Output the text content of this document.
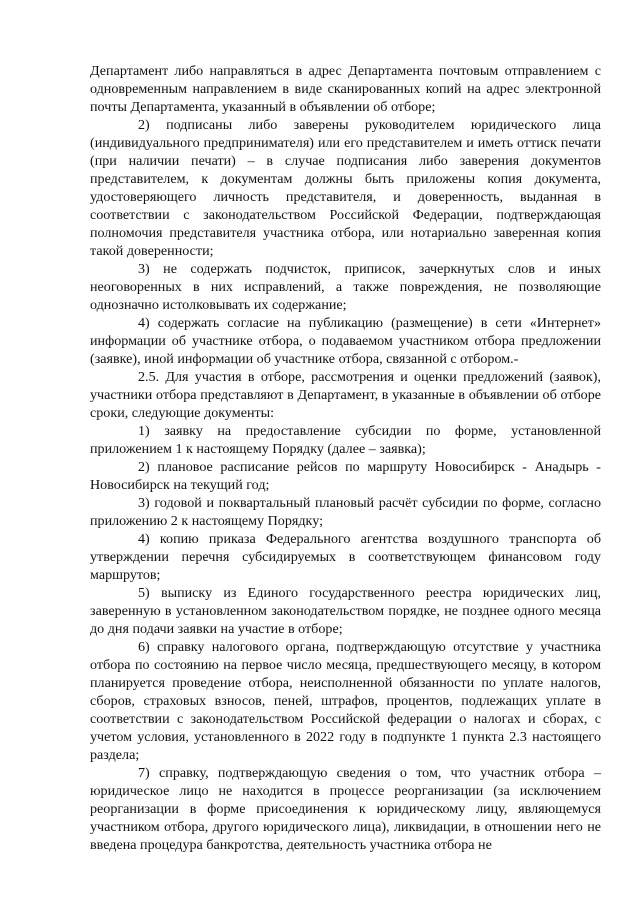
Департамент либо направляться в адрес Департамента почтовым отправлением с одновременным направлением в виде сканированных копий на адрес электронной почты Департамента, указанный в объявлении об отборе;

2) подписаны либо заверены руководителем юридического лица (индивидуального предпринимателя) или его представителем и иметь оттиск печати (при наличии печати) – в случае подписания либо заверения документов представителем, к документам должны быть приложены копия документа, удостоверяющего личность представителя, и доверенность, выданная в соответствии с законодательством Российской Федерации, подтверждающая полномочия представителя участника отбора, или нотариально заверенная копия такой доверенности;

3) не содержать подчисток, приписок, зачеркнутых слов и иных неоговоренных в них исправлений, а также повреждения, не позволяющие однозначно истолковывать их содержание;

4) содержать согласие на публикацию (размещение) в сети «Интернет» информации об участнике отбора, о подаваемом участником отбора предложении (заявке), иной информации об участнике отбора, связанной с отбором.-

2.5. Для участия в отборе, рассмотрения и оценки предложений (заявок), участники отбора представляют в Департамент, в указанные в объявлении об отборе сроки, следующие документы:

1) заявку на предоставление субсидии по форме, установленной приложением 1 к настоящему Порядку (далее – заявка);

2) плановое расписание рейсов по маршруту Новосибирск - Анадырь - Новосибирск на текущий год;

3) годовой и поквартальный плановый расчёт субсидии по форме, согласно приложению 2 к настоящему Порядку;

4) копию приказа Федерального агентства воздушного транспорта об утверждении перечня субсидируемых в соответствующем финансовом году маршрутов;

5) выписку из Единого государственного реестра юридических лиц, заверенную в установленном законодательством порядке, не позднее одного месяца до дня подачи заявки на участие в отборе;

6) справку налогового органа, подтверждающую отсутствие у участника отбора по состоянию на первое число месяца, предшествующего месяцу, в котором планируется проведение отбора, неисполненной обязанности по уплате налогов, сборов, страховых взносов, пеней, штрафов, процентов, подлежащих уплате в соответствии с законодательством Российской федерации о налогах и сборах, с учетом условия, установленного в 2022 году в подпункте 1 пункта 2.3 настоящего раздела;

7) справку, подтверждающую сведения о том, что участник отбора – юридическое лицо не находится в процессе реорганизации (за исключением реорганизации в форме присоединения к юридическому лицу, являющемуся участником отбора, другого юридического лица), ликвидации, в отношении него не введена процедура банкротства, деятельность участника отбора не
